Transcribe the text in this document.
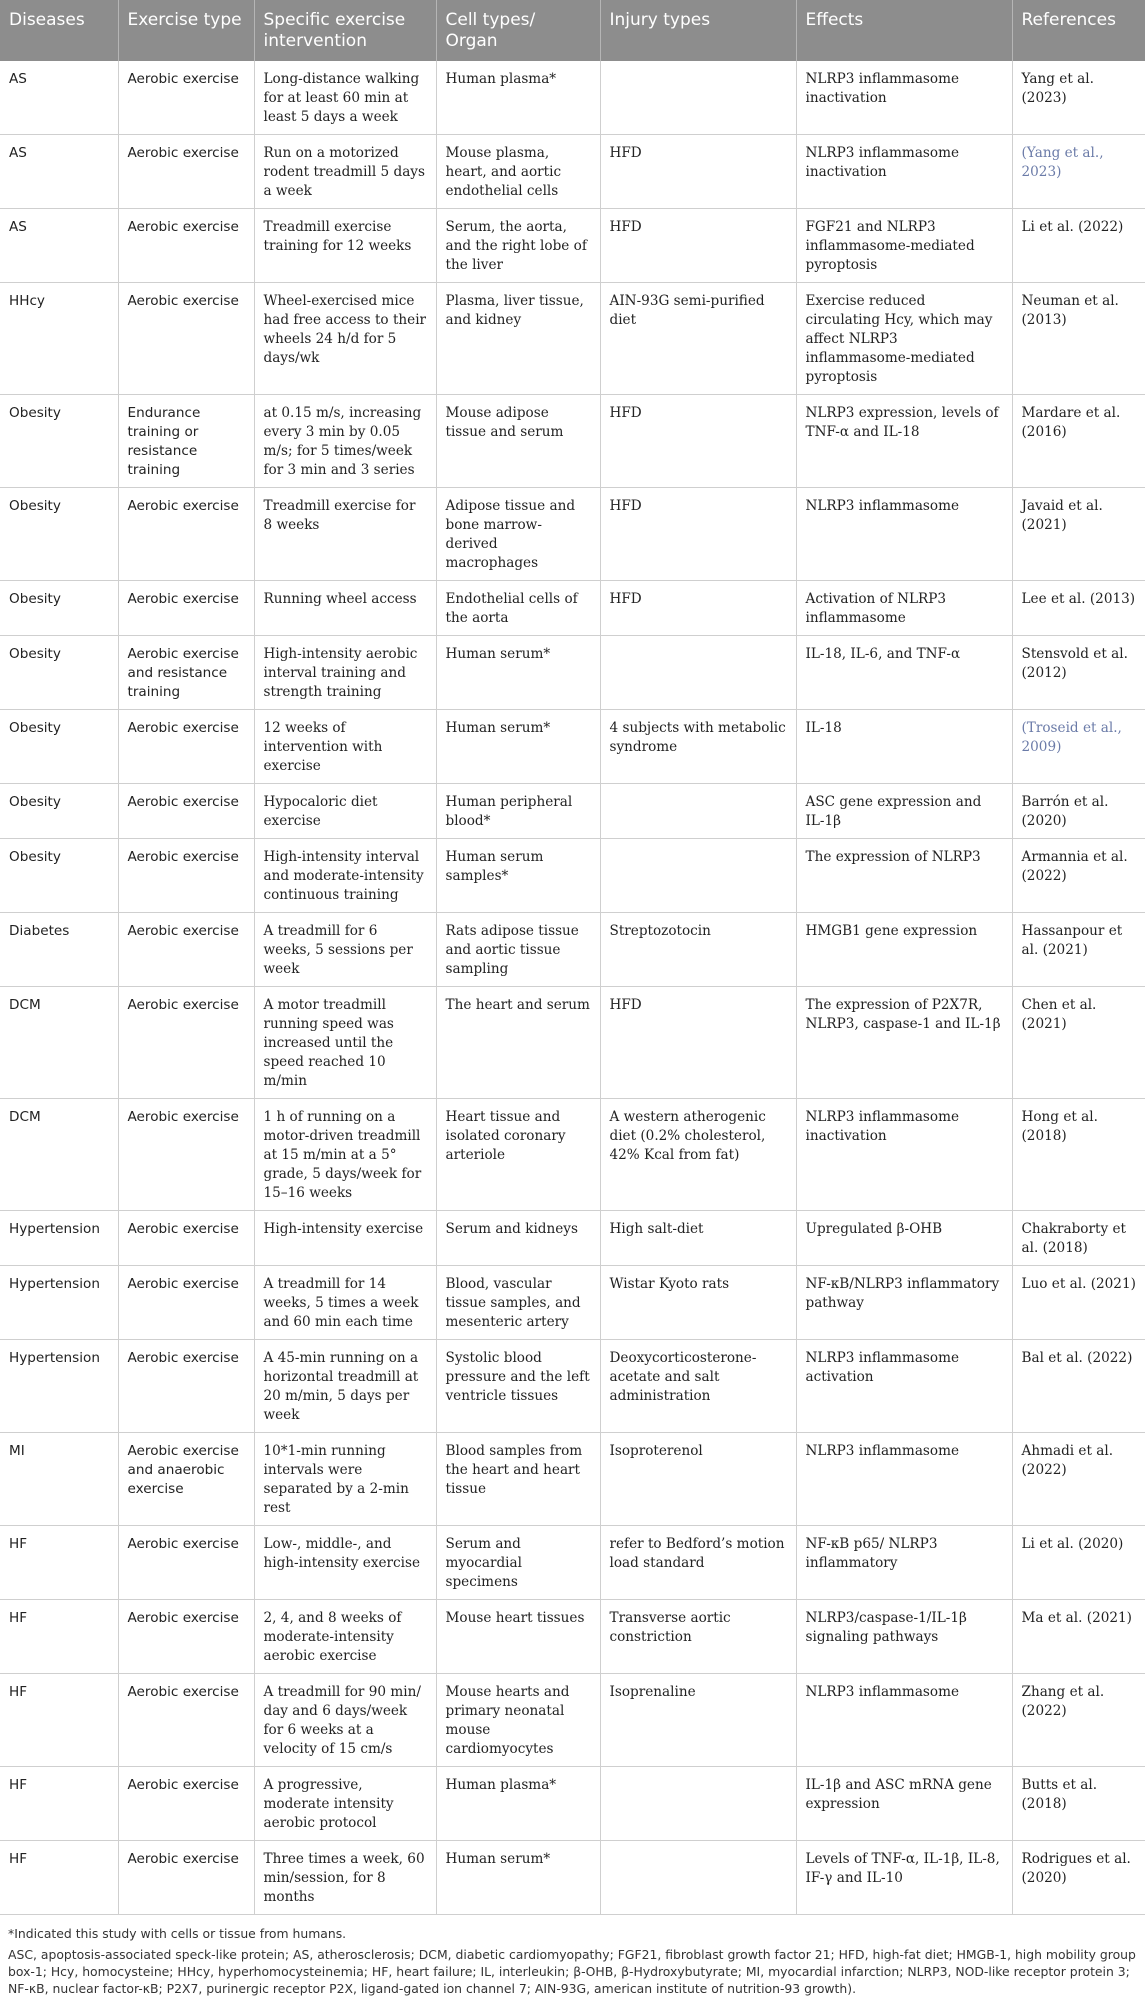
Diseases	Exercise type	Specific exercise intervention	Cell types/ Organ	Injury types	Effects	References
AS	Aerobic exercise	Long-distance walking for at least 60 min at least 5 days a week	Human plasma*		NLRP3 inflammasome inactivation	Yang et al. (2023)
AS	Aerobic exercise	Run on a motorized rodent treadmill 5 days a week	Mouse plasma, heart, and aortic endothelial cells	HFD	NLRP3 inflammasome inactivation	(Yang et al., 2023)
AS	Aerobic exercise	Treadmill exercise training for 12 weeks	Serum, the aorta, and the right lobe of the liver	HFD	FGF21 and NLRP3 inflammasome-mediated pyroptosis	Li et al. (2022)
HHcy	Aerobic exercise	Wheel-exercised mice had free access to their wheels 24 h/d for 5 days/wk	Plasma, liver tissue, and kidney	AIN-93G semi-purified diet	Exercise reduced circulating Hcy, which may affect NLRP3 inflammasome-mediated pyroptosis	Neuman et al. (2013)
Obesity	Endurance training or resistance training	at 0.15 m/s, increasing every 3 min by 0.05 m/s; for 5 times/week for 3 min and 3 series	Mouse adipose tissue and serum	HFD	NLRP3 expression, levels of TNF-α and IL-18	Mardare et al. (2016)
Obesity	Aerobic exercise	Treadmill exercise for 8 weeks	Adipose tissue and bone marrow-derived macrophages	HFD	NLRP3 inflammasome	Javaid et al. (2021)
Obesity	Aerobic exercise	Running wheel access	Endothelial cells of the aorta	HFD	Activation of NLRP3 inflammasome	Lee et al. (2013)
Obesity	Aerobic exercise and resistance training	High-intensity aerobic interval training and strength training	Human serum*		IL-18, IL-6, and TNF-α	Stensvold et al. (2012)
Obesity	Aerobic exercise	12 weeks of intervention with exercise	Human serum*	4 subjects with metabolic syndrome	IL-18	(Troseid et al., 2009)
Obesity	Aerobic exercise	Hypocaloric diet exercise	Human peripheral blood*		ASC gene expression and IL-1β	Barrón et al. (2020)
Obesity	Aerobic exercise	High-intensity interval and moderate-intensity continuous training	Human serum samples*		The expression of NLRP3	Armannia et al. (2022)
Diabetes	Aerobic exercise	A treadmill for 6 weeks, 5 sessions per week	Rats adipose tissue and aortic tissue sampling	Streptozotocin	HMGB1 gene expression	Hassanpour et al. (2021)
DCM	Aerobic exercise	A motor treadmill running speed was increased until the speed reached 10 m/min	The heart and serum	HFD	The expression of P2X7R, NLRP3, caspase-1 and IL-1β	Chen et al. (2021)
DCM	Aerobic exercise	1 h of running on a motor-driven treadmill at 15 m/min at a 5° grade, 5 days/week for 15–16 weeks	Heart tissue and isolated coronary arteriole	A western atherogenic diet (0.2% cholesterol, 42% Kcal from fat)	NLRP3 inflammasome inactivation	Hong et al. (2018)
Hypertension	Aerobic exercise	High-intensity exercise	Serum and kidneys	High salt-diet	Upregulated β-OHB	Chakraborty et al. (2018)
Hypertension	Aerobic exercise	A treadmill for 14 weeks, 5 times a week and 60 min each time	Blood, vascular tissue samples, and mesenteric artery	Wistar Kyoto rats	NF-κB/NLRP3 inflammatory pathway	Luo et al. (2021)
Hypertension	Aerobic exercise	A 45-min running on a horizontal treadmill at 20 m/min, 5 days per week	Systolic blood pressure and the left ventricle tissues	Deoxycorticosterone-acetate and salt administration	NLRP3 inflammasome activation	Bal et al. (2022)
MI	Aerobic exercise and anaerobic exercise	10*1-min running intervals were separated by a 2-min rest	Blood samples from the heart and heart tissue	Isoproterenol	NLRP3 inflammasome	Ahmadi et al. (2022)
HF	Aerobic exercise	Low-, middle-, and high-intensity exercise	Serum and myocardial specimens	refer to Bedford’s motion load standard	NF-κB p65/ NLRP3 inflammatory	Li et al. (2020)
HF	Aerobic exercise	2, 4, and 8 weeks of moderate-intensity aerobic exercise	Mouse heart tissues	Transverse aortic constriction	NLRP3/caspase-1/IL-1β signaling pathways	Ma et al. (2021)
HF	Aerobic exercise	A treadmill for 90 min/ day and 6 days/week for 6 weeks at a velocity of 15 cm/s	Mouse hearts and primary neonatal mouse cardiomyocytes	Isoprenaline	NLRP3 inflammasome	Zhang et al. (2022)
HF	Aerobic exercise	A progressive, moderate intensity aerobic protocol	Human plasma*		IL-1β and ASC mRNA gene expression	Butts et al. (2018)
HF	Aerobic exercise	Three times a week, 60 min/session, for 8 months	Human serum*		Levels of TNF-α, IL-1β, IL-8, IF-γ and IL-10	Rodrigues et al. (2020)

*Indicated this study with cells or tissue from humans.

ASC, apoptosis-associated speck-like protein; AS, atherosclerosis; DCM, diabetic cardiomyopathy; FGF21, fibroblast growth factor 21; HFD, high-fat diet; HMGB-1, high mobility group box-1; Hcy, homocysteine; HHcy, hyperhomocysteinemia; HF, heart failure; IL, interleukin; β-OHB, β-Hydroxybutyrate; MI, myocardial infarction; NLRP3, NOD-like receptor protein 3; NF-κB, nuclear factor-κB; P2X7, purinergic receptor P2X, ligand-gated ion channel 7; AIN-93G, american institute of nutrition-93 growth).
